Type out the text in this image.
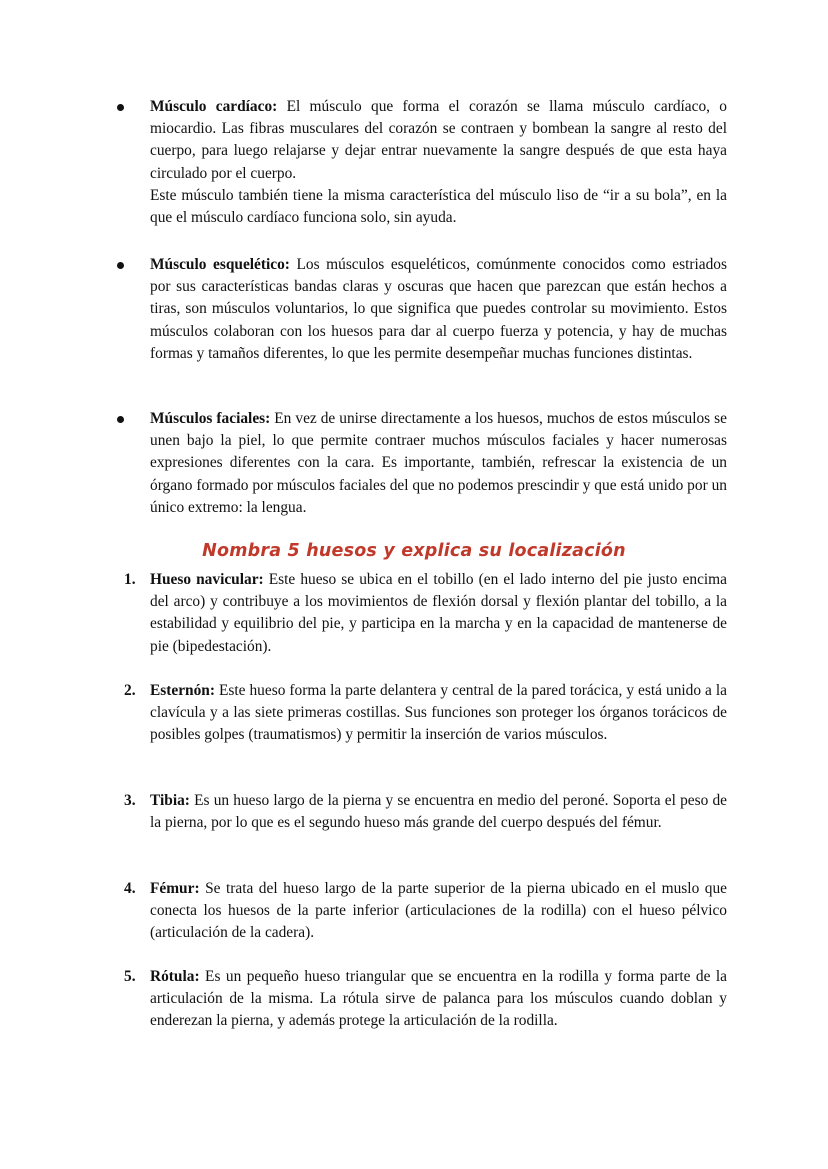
Músculo cardíaco: El músculo que forma el corazón se llama músculo cardíaco, o miocardio. Las fibras musculares del corazón se contraen y bombean la sangre al resto del cuerpo, para luego relajarse y dejar entrar nuevamente la sangre después de que esta haya circulado por el cuerpo.
Este músculo también tiene la misma característica del músculo liso de “ir a su bola”, en la que el músculo cardíaco funciona solo, sin ayuda.
Músculo esquelético: Los músculos esqueléticos, comúnmente conocidos como estriados por sus características bandas claras y oscuras que hacen que parezcan que están hechos a tiras, son músculos voluntarios, lo que significa que puedes controlar su movimiento. Estos músculos colaboran con los huesos para dar al cuerpo fuerza y potencia, y hay de muchas formas y tamaños diferentes, lo que les permite desempeñar muchas funciones distintas.
Músculos faciales: En vez de unirse directamente a los huesos, muchos de estos músculos se unen bajo la piel, lo que permite contraer muchos músculos faciales y hacer numerosas expresiones diferentes con la cara. Es importante, también, refrescar la existencia de un órgano formado por músculos faciales del que no podemos prescindir y que está unido por un único extremo: la lengua.
Nombra 5 huesos y explica su localización
1. Hueso navicular: Este hueso se ubica en el tobillo (en el lado interno del pie justo encima del arco) y contribuye a los movimientos de flexión dorsal y flexión plantar del tobillo, a la estabilidad y equilibrio del pie, y participa en la marcha y en la capacidad de mantenerse de pie (bipedestación).
2. Esternón: Este hueso forma la parte delantera y central de la pared torácica, y está unido a la clavícula y a las siete primeras costillas. Sus funciones son proteger los órganos torácicos de posibles golpes (traumatismos) y permitir la inserción de varios músculos.
3. Tibia: Es un hueso largo de la pierna y se encuentra en medio del peroné. Soporta el peso de la pierna, por lo que es el segundo hueso más grande del cuerpo después del fémur.
4. Fémur: Se trata del hueso largo de la parte superior de la pierna ubicado en el muslo que conecta los huesos de la parte inferior (articulaciones de la rodilla) con el hueso pélvico (articulación de la cadera).
5. Rótula: Es un pequeño hueso triangular que se encuentra en la rodilla y forma parte de la articulación de la misma. La rótula sirve de palanca para los músculos cuando doblan y enderezan la pierna, y además protege la articulación de la rodilla.
